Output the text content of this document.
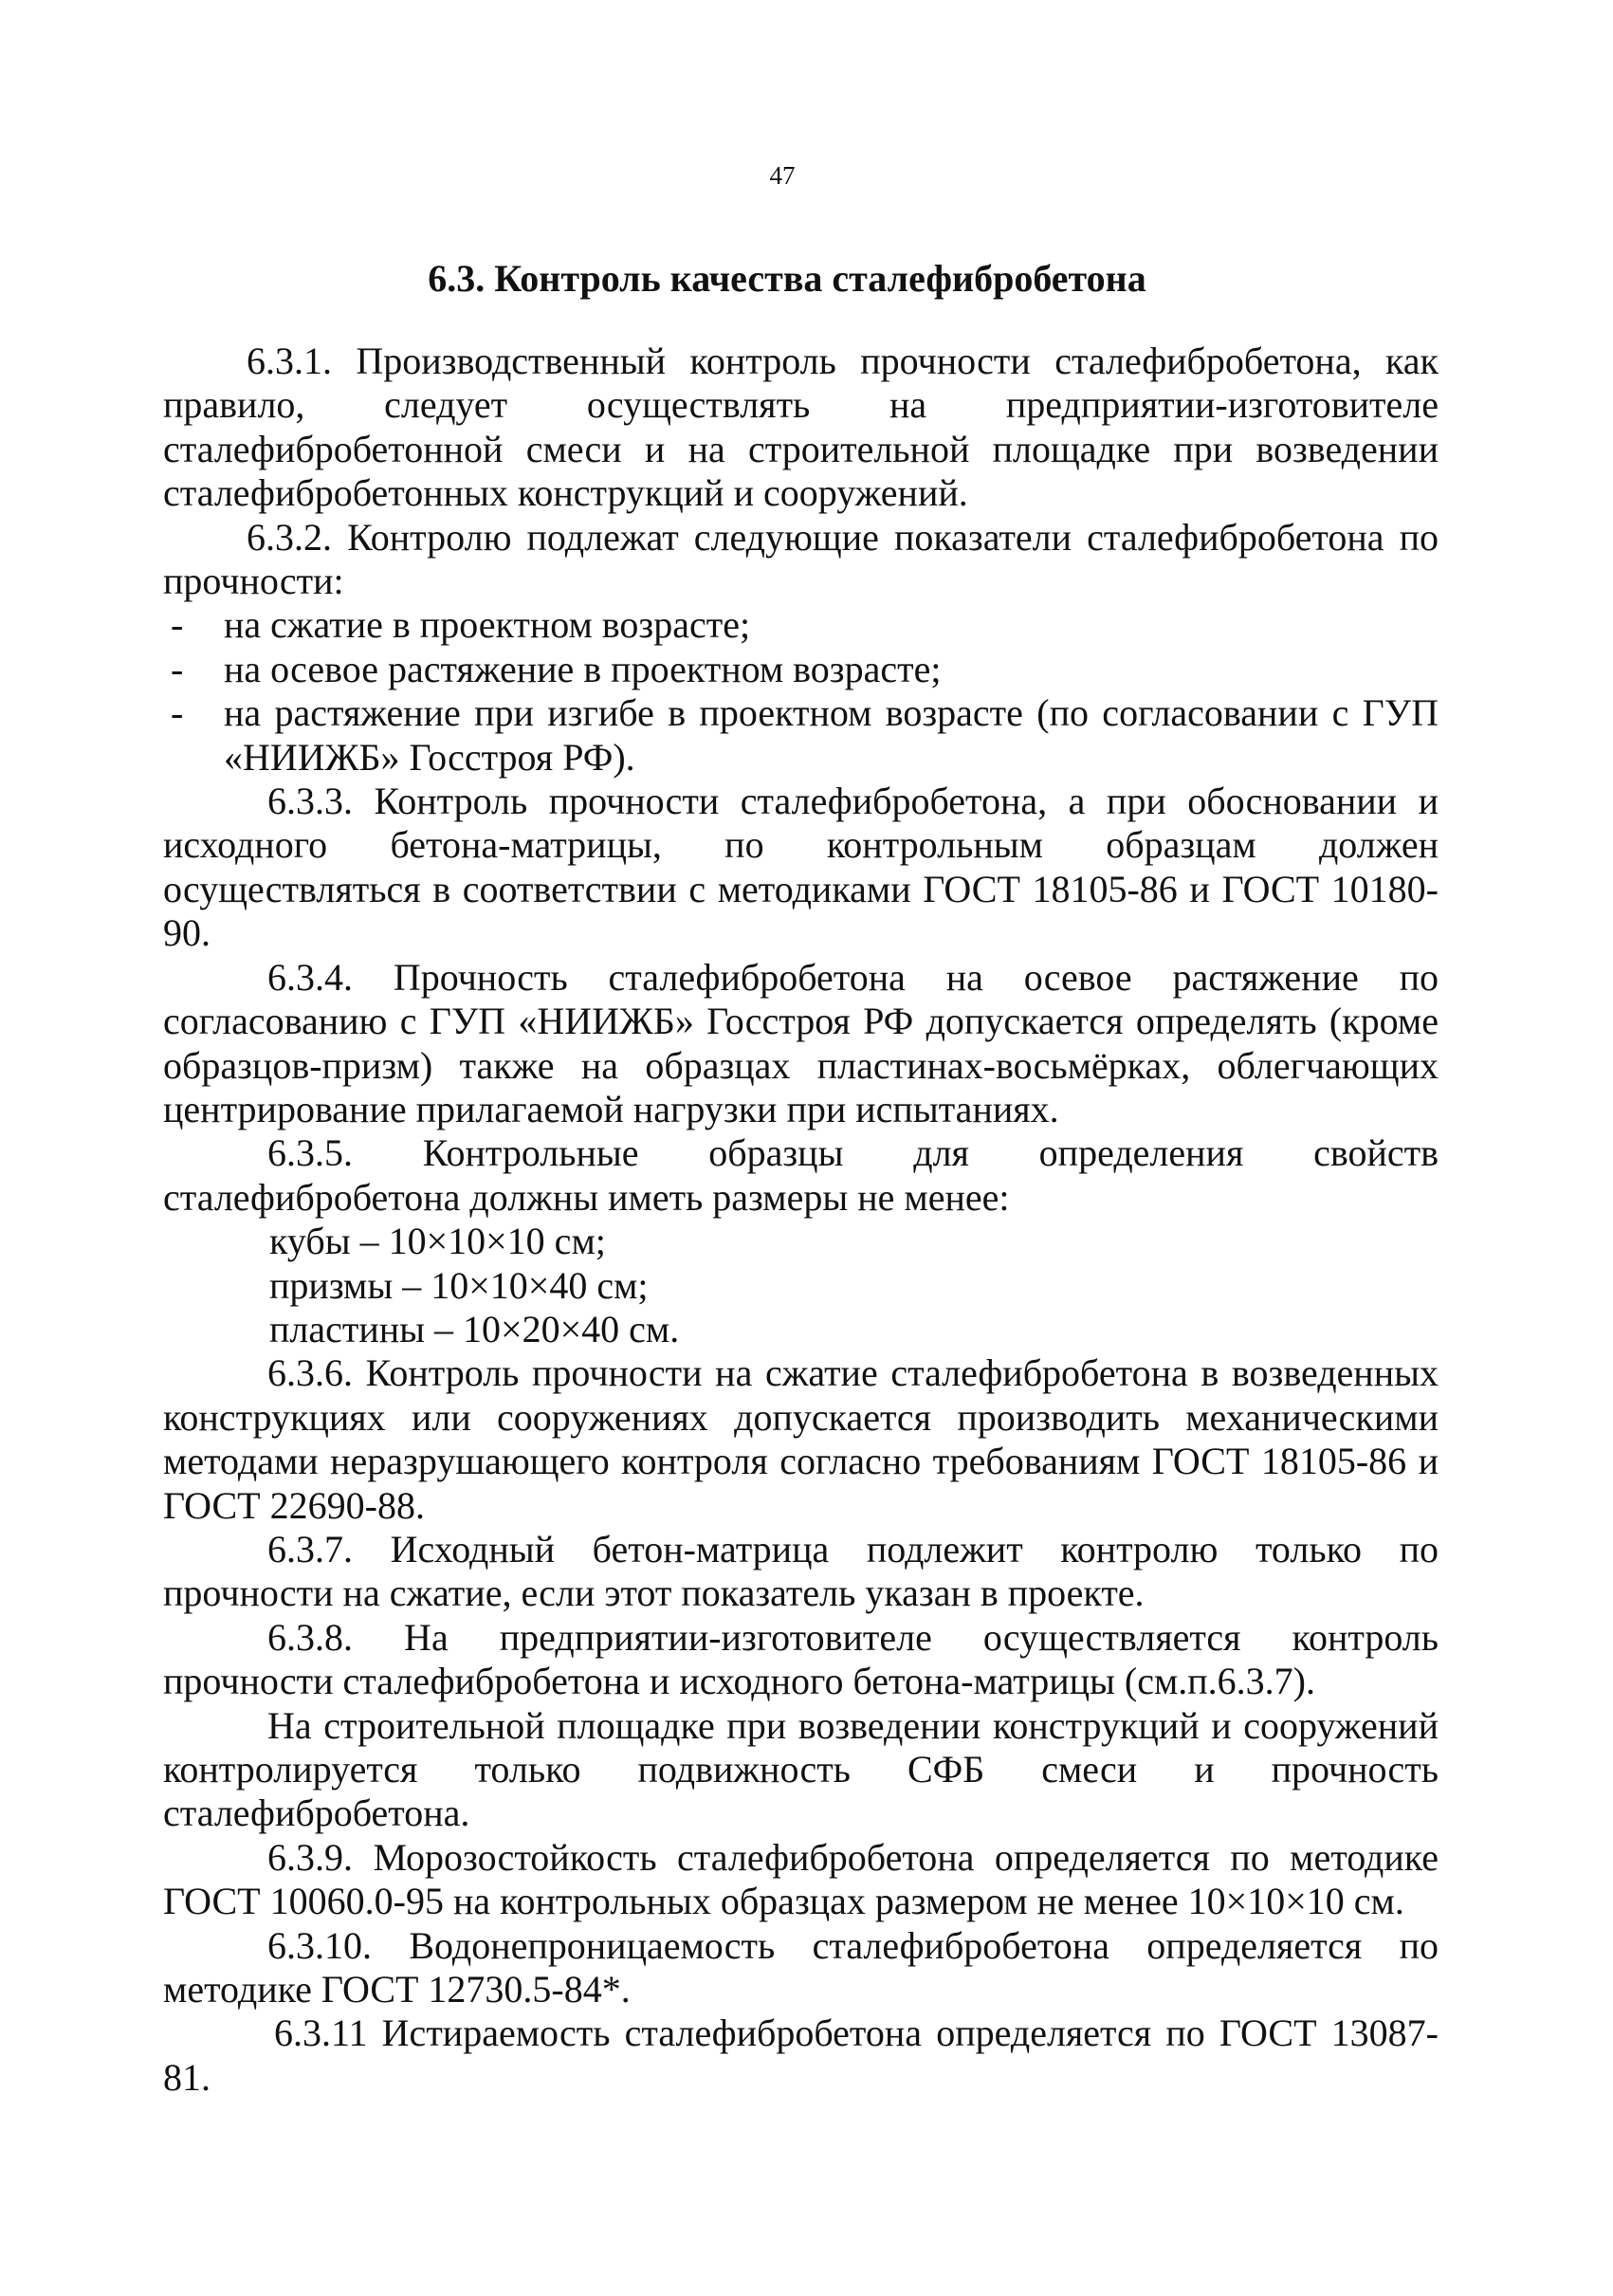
47
6.3. Контроль качества сталефибробетона

6.3.1. Производственный контроль прочности сталефибробетона, как правило, следует осуществлять на предприятии-изготовителе сталефибробетонной смеси и на строительной площадке при возведении сталефибробетонных конструкций и сооружений.

6.3.2. Контролю подлежат следующие показатели сталефибробетона по прочности:

-	на сжатие в проектном возрасте;
-	на осевое растяжение в проектном возрасте;
-	на растяжение при изгибе в проектном возрасте (по согласовании с ГУП «НИИЖБ» Госстроя РФ).

6.3.3. Контроль прочности сталефибробетона, а при обосновании и исходного бетона-матрицы, по контрольным образцам должен осуществляться в соответствии с методиками ГОСТ 18105-86 и ГОСТ 10180-90.

6.3.4. Прочность сталефибробетона на осевое растяжение по согласованию с ГУП «НИИЖБ» Госстроя РФ допускается определять (кроме образцов-призм) также на образцах пластинах-восьмёрках, облегчающих центрирование прилагаемой нагрузки при испытаниях.

6.3.5. Контрольные образцы для определения свойств сталефибробетона должны иметь размеры не менее:

кубы – 10×10×10 см;

призмы – 10×10×40 см;

пластины – 10×20×40 см.

6.3.6. Контроль прочности на сжатие сталефибробетона в возведенных конструкциях или сооружениях допускается производить механическими методами неразрушающего контроля согласно требованиям ГОСТ 18105-86 и ГОСТ 22690-88.

6.3.7. Исходный бетон-матрица подлежит контролю только по прочности на сжатие, если этот показатель указан в проекте.

6.3.8. На предприятии-изготовителе осуществляется контроль прочности сталефибробетона и исходного бетона-матрицы (см.п.6.3.7).

На строительной площадке при возведении конструкций и сооружений контролируется только подвижность СФБ смеси и прочность сталефибробетона.

6.3.9. Морозостойкость сталефибробетона определяется по методике ГОСТ 10060.0-95 на контрольных образцах размером не менее 10×10×10 см.

6.3.10. Водонепроницаемость сталефибробетона определяется по методике ГОСТ 12730.5-84*.

6.3.11 Истираемость сталефибробетона определяется по ГОСТ 13087-81.
